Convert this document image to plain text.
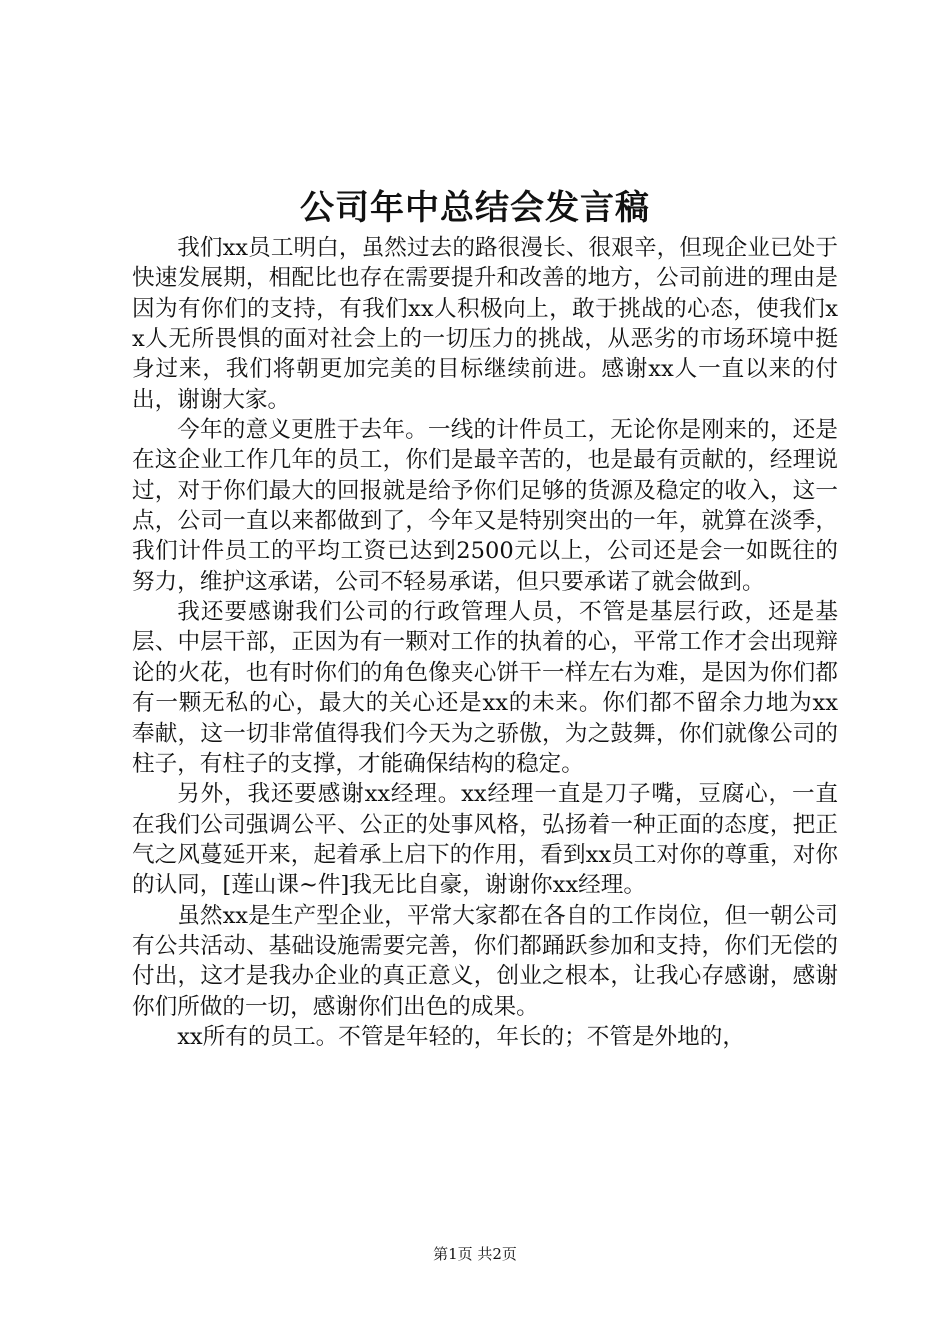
公司年中总结会发言稿

我们xx员工明白，虽然过去的路很漫长、很艰辛，但现企业已处于快速发展期，相配比也存在需要提升和改善的地方，公司前进的理由是因为有你们的支持，有我们xx人积极向上，敢于挑战的心态，使我们xx人无所畏惧的面对社会上的一切压力的挑战，从恶劣的市场环境中挺身过来，我们将朝更加完美的目标继续前进。感谢xx人一直以来的付出，谢谢大家。

今年的意义更胜于去年。一线的计件员工，无论你是刚来的，还是在这企业工作几年的员工，你们是最辛苦的，也是最有贡献的，经理说过，对于你们最大的回报就是给予你们足够的货源及稳定的收入，这一点，公司一直以来都做到了，今年又是特别突出的一年，就算在淡季，我们计件员工的平均工资已达到2500元以上，公司还是会一如既往的努力，维护这承诺，公司不轻易承诺，但只要承诺了就会做到。

我还要感谢我们公司的行政管理人员，不管是基层行政，还是基层、中层干部，正因为有一颗对工作的执着的心，平常工作才会出现辩论的火花，也有时你们的角色像夹心饼干一样左右为难，是因为你们都有一颗无私的心，最大的关心还是xx的未来。你们都不留余力地为xx奉献，这一切非常值得我们今天为之骄傲，为之鼓舞，你们就像公司的柱子，有柱子的支撑，才能确保结构的稳定。

另外，我还要感谢xx经理。xx经理一直是刀子嘴，豆腐心，一直在我们公司强调公平、公正的处事风格，弘扬着一种正面的态度，把正气之风蔓延开来，起着承上启下的作用，看到xx员工对你的尊重，对你的认同，[莲山课~件]我无比自豪，谢谢你xx经理。

虽然xx是生产型企业，平常大家都在各自的工作岗位，但一朝公司有公共活动、基础设施需要完善，你们都踊跃参加和支持，你们无偿的付出，这才是我办企业的真正意义，创业之根本，让我心存感谢，感谢你们所做的一切，感谢你们出色的成果。

xx所有的员工。不管是年轻的，年长的；不管是外地的，

第1页 共2页
